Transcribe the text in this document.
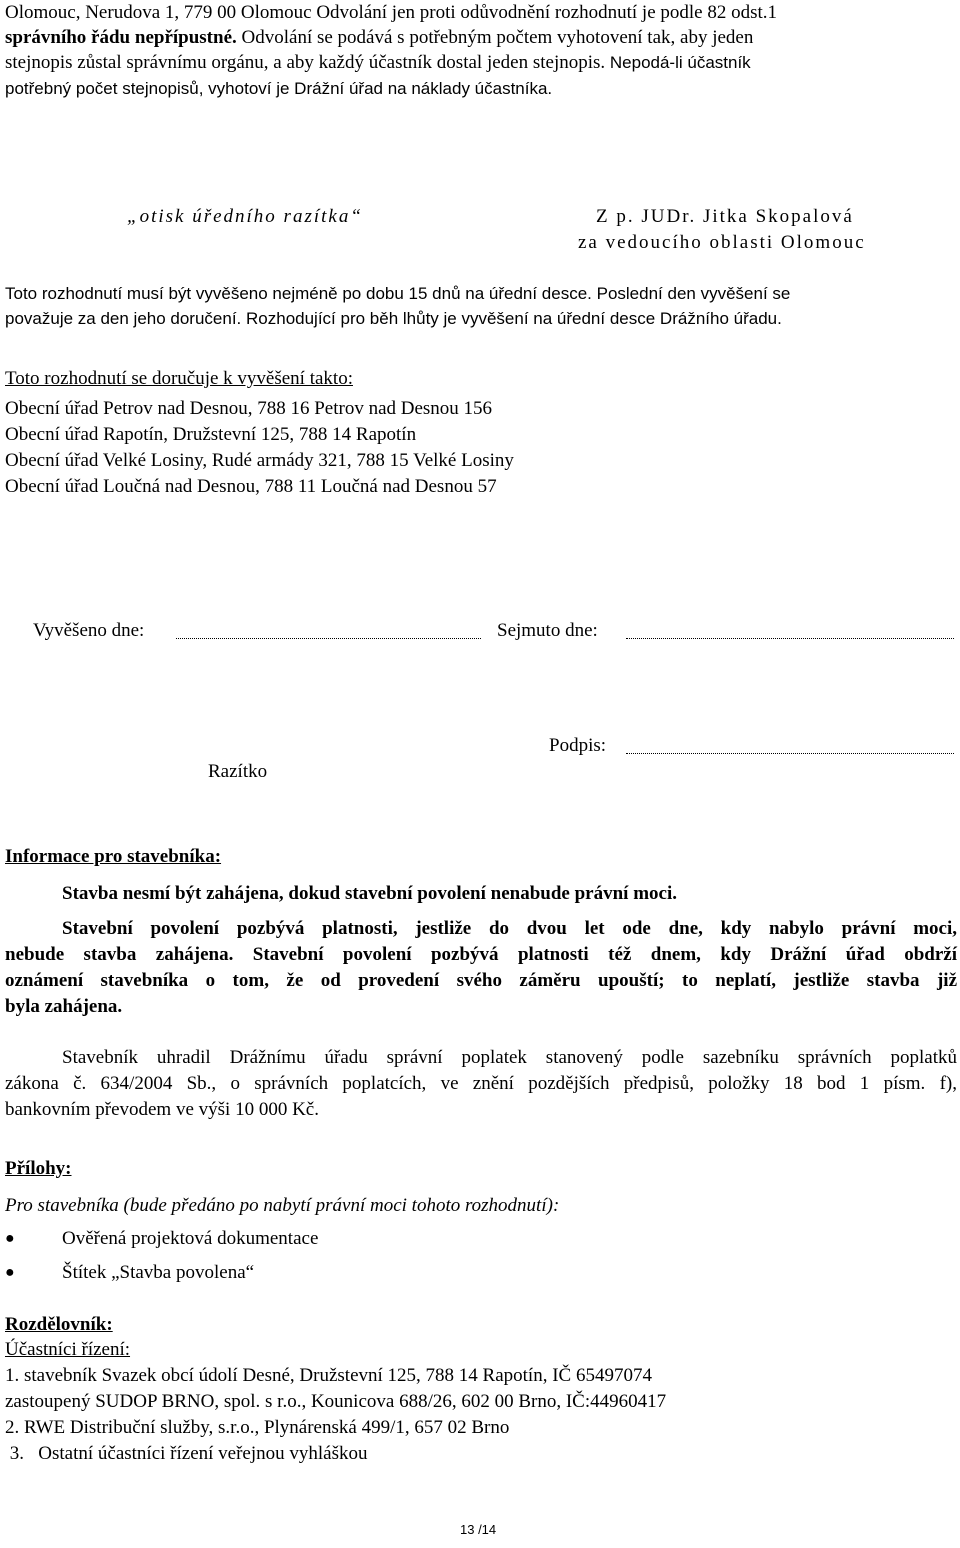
Olomouc, Nerudova 1, 779 00 Olomouc Odvolání jen proti odůvodnění rozhodnutí je podle 82 odst.1
správního řádu nepřípustné. Odvolání se podává s potřebným počtem vyhotovení tak, aby jeden
stejnopis zůstal správnímu orgánu, a aby každý účastník dostal jeden stejnopis. Nepodá-li účastník
potřebný počet stejnopisů, vyhotoví je Drážní úřad na náklady účastníka.
„otisk úředního razítka“	Z p. JUDr. Jitka Skopalová
za vedoucího oblasti Olomouc
Toto rozhodnutí musí být vyvěšeno nejméně po dobu 15 dnů na úřední desce. Poslední den vyvěšení se
považuje za den jeho doručení. Rozhodující pro běh lhůty je vyvěšení na úřední desce Drážního úřadu.
Toto rozhodnutí se doručuje k vyvěšení takto:
Obecní úřad Petrov nad Desnou, 788 16 Petrov nad Desnou 156
Obecní úřad Rapotín, Družstevní 125, 788 14 Rapotín
Obecní úřad Velké Losiny, Rudé armády 321, 788 15 Velké Losiny
Obecní úřad Loučná nad Desnou, 788 11 Loučná nad Desnou 57
Vyvěšeno dne:	Sejmuto dne:
Podpis:
Razítko
Informace pro stavebníka:
Stavba nesmí být zahájena, dokud stavební povolení nenabude právní moci.
Stavební povolení pozbývá platnosti, jestliže do dvou let ode dne, kdy nabylo právní moci,
nebude stavba zahájena. Stavební povolení pozbývá platnosti též dnem, kdy Drážní úřad obdrží
oznámení stavebníka o tom, že od provedení svého záměru upouští; to neplatí, jestliže stavba již
byla zahájena.
Stavebník uhradil Drážnímu úřadu správní poplatek stanovený podle sazebníku správních poplatků
zákona č. 634/2004 Sb., o správních poplatcích, ve znění pozdějších předpisů, položky 18 bod 1 písm. f),
bankovním převodem ve výši 10 000 Kč.
Přílohy:
Pro stavebníka (bude předáno po nabytí právní moci tohoto rozhodnutí):
● Ověřená projektová dokumentace
● Štítek „Stavba povolena“
Rozdělovník:
Účastníci řízení:
1. stavebník Svazek obcí údolí Desné, Družstevní 125, 788 14 Rapotín, IČ 65497074
zastoupený SUDOP BRNO, spol. s r.o., Kounicova 688/26, 602 00 Brno, IČ:44960417
2. RWE Distribuční služby, s.r.o., Plynárenská 499/1, 657 02 Brno
3.   Ostatní účastníci řízení veřejnou vyhláškou
13 /14
